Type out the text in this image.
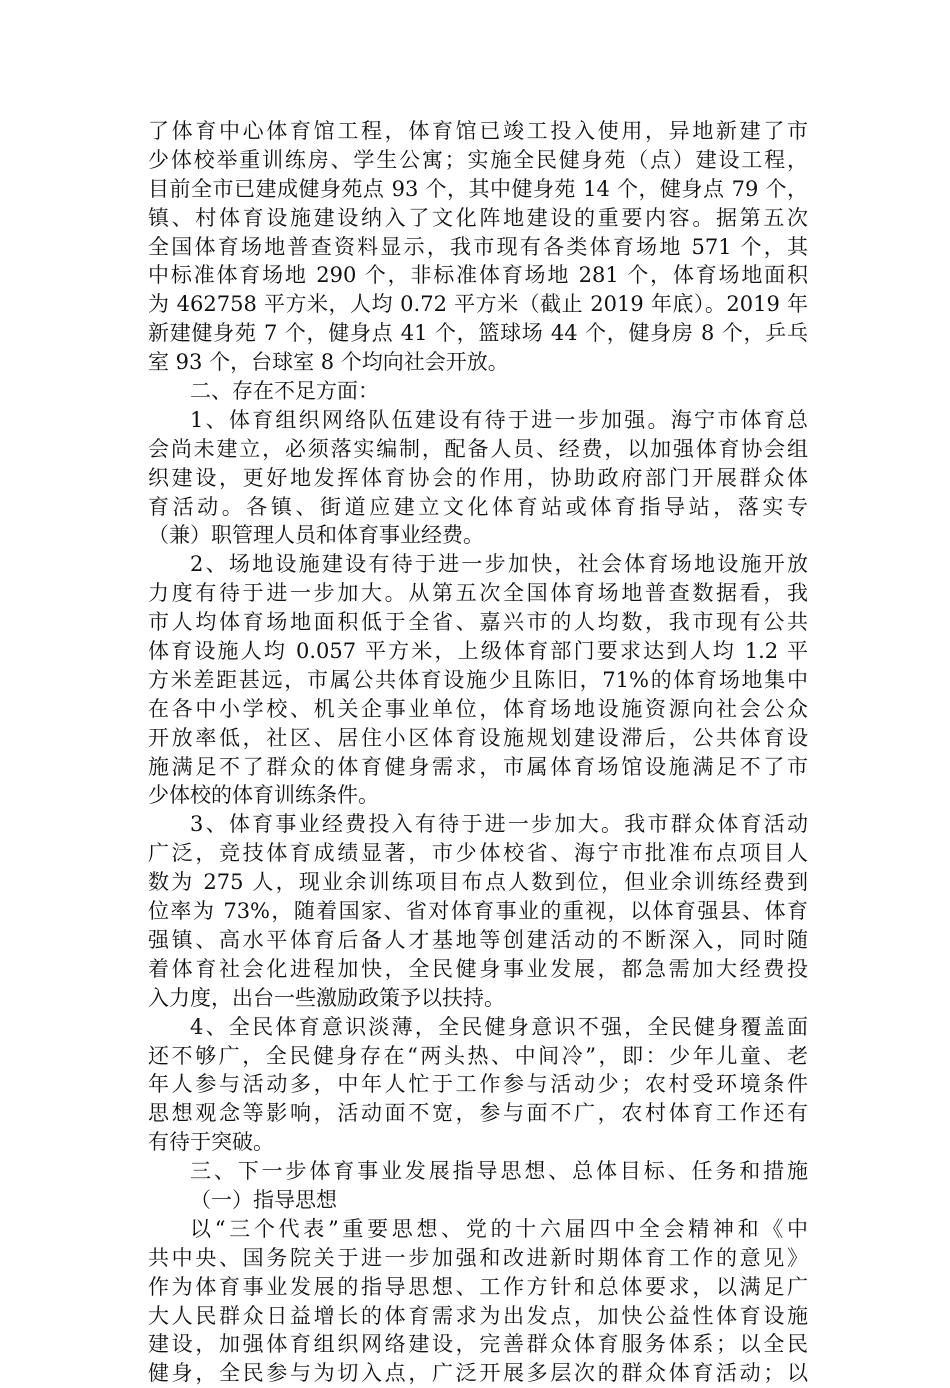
了体育中心体育馆工程，体育馆已竣工投入使用，异地新建了市
少体校举重训练房、学生公寓；实施全民健身苑（点）建设工程，
目前全市已建成健身苑点 93 个，其中健身苑 14 个，健身点 79 个，
镇、村体育设施建设纳入了文化阵地建设的重要内容。据第五次
全国体育场地普查资料显示，我市现有各类体育场地 571 个，其
中标准体育场地 290 个，非标准体育场地 281 个，体育场地面积
为 462758 平方米，人均 0.72 平方米（截止 2019 年底）。2019 年
新建健身苑 7 个，健身点 41 个，篮球场 44 个，健身房 8 个，乒乓
室 93 个，台球室 8 个均向社会开放。
二、存在不足方面：
1、体育组织网络队伍建设有待于进一步加强。海宁市体育总
会尚未建立，必须落实编制，配备人员、经费，以加强体育协会组
织建设，更好地发挥体育协会的作用，协助政府部门开展群众体
育活动。各镇、街道应建立文化体育站或体育指导站，落实专
（兼）职管理人员和体育事业经费。
2、场地设施建设有待于进一步加快，社会体育场地设施开放
力度有待于进一步加大。从第五次全国体育场地普查数据看，我
市人均体育场地面积低于全省、嘉兴市的人均数，我市现有公共
体育设施人均 0.057 平方米，上级体育部门要求达到人均 1.2 平
方米差距甚远，市属公共体育设施少且陈旧，71%的体育场地集中
在各中小学校、机关企事业单位，体育场地设施资源向社会公众
开放率低，社区、居住小区体育设施规划建设滞后，公共体育设
施满足不了群众的体育健身需求，市属体育场馆设施满足不了市
少体校的体育训练条件。
3、体育事业经费投入有待于进一步加大。我市群众体育活动
广泛，竞技体育成绩显著，市少体校省、海宁市批准布点项目人
数为 275 人，现业余训练项目布点人数到位，但业余训练经费到
位率为 73%，随着国家、省对体育事业的重视，以体育强县、体育
强镇、高水平体育后备人才基地等创建活动的不断深入，同时随
着体育社会化进程加快，全民健身事业发展，都急需加大经费投
入力度，出台一些激励政策予以扶持。
4、全民体育意识淡薄，全民健身意识不强，全民健身覆盖面
还不够广，全民健身存在“两头热、中间冷”，即：少年儿童、老
年人参与活动多，中年人忙于工作参与活动少；农村受环境条件
思想观念等影响，活动面不宽，参与面不广，农村体育工作还有
有待于突破。
三、下一步体育事业发展指导思想、总体目标、任务和措施
（一）指导思想
以“三个代表”重要思想、党的十六届四中全会精神和《中
共中央、国务院关于进一步加强和改进新时期体育工作的意见》
作为体育事业发展的指导思想、工作方针和总体要求，以满足广
大人民群众日益增长的体育需求为出发点，加快公益性体育设施
建设，加强体育组织网络建设，完善群众体育服务体系；以全民
健身，全民参与为切入点，广泛开展多层次的群众体育活动；以
